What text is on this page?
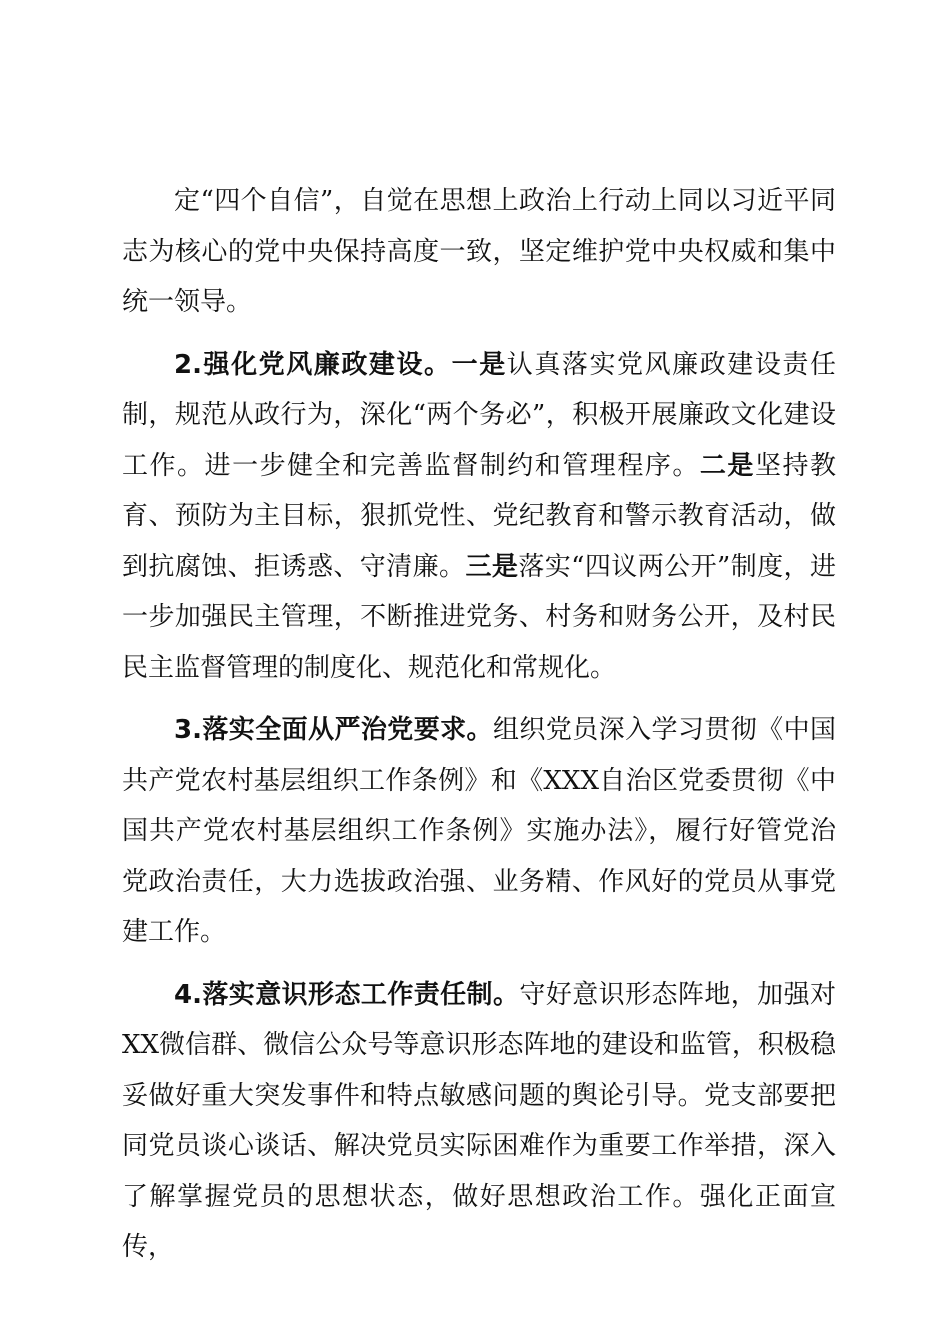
定“四个自信”，自觉在思想上政治上行动上同以习近平同志为核心的党中央保持高度一致，坚定维护党中央权威和集中统一领导。

2.强化党风廉政建设。一是认真落实党风廉政建设责任制，规范从政行为，深化“两个务必”，积极开展廉政文化建设工作。进一步健全和完善监督制约和管理程序。二是坚持教育、预防为主目标，狠抓党性、党纪教育和警示教育活动，做到抗腐蚀、拒诱惑、守清廉。三是落实“四议两公开”制度，进一步加强民主管理，不断推进党务、村务和财务公开，及村民民主监督管理的制度化、规范化和常规化。

3.落实全面从严治党要求。组织党员深入学习贯彻《中国共产党农村基层组织工作条例》和《XXX自治区党委贯彻《中国共产党农村基层组织工作条例》实施办法》，履行好管党治党政治责任，大力选拔政治强、业务精、作风好的党员从事党建工作。

4.落实意识形态工作责任制。守好意识形态阵地，加强对XX微信群、微信公众号等意识形态阵地的建设和监管，积极稳妥做好重大突发事件和特点敏感问题的舆论引导。党支部要把同党员谈心谈话、解决党员实际困难作为重要工作举措，深入了解掌握党员的思想状态，做好思想政治工作。强化正面宣传，
